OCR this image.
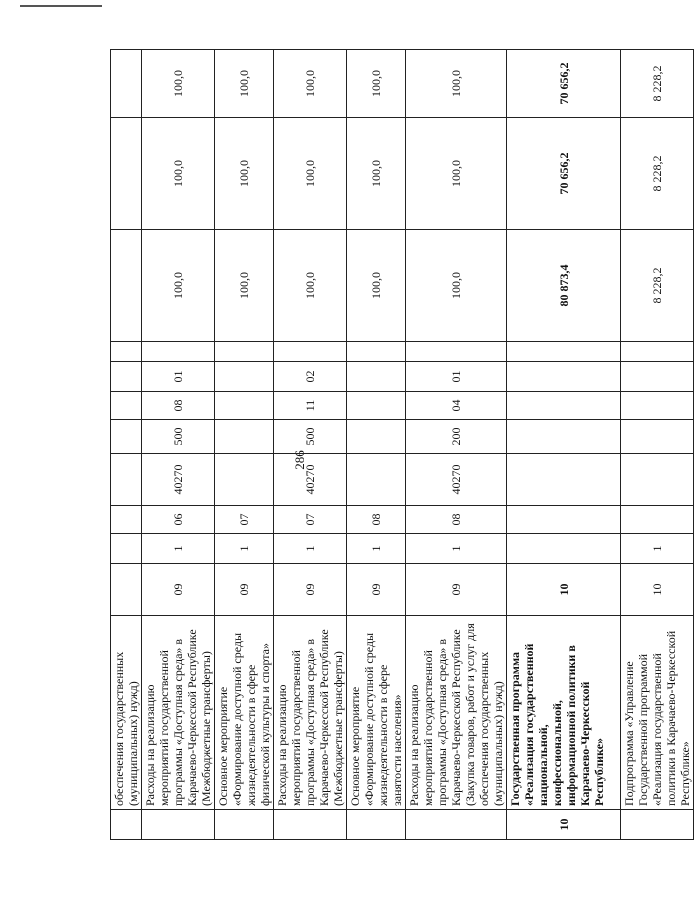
286
	обеспечения государственных (муниципальных) нужд)											
	Расходы на реализацию мероприятий государственной программы «Доступная среда» в Карачаево-Черкесской Республике (Межбюджетные трансферты)	09	1	06	40270	500	08	01		100,0	100,0	100,0
	Основное мероприятие «Формирование доступной среды жизнедеятельности в сфере физической культуры и спорта»	09	1	07						100,0	100,0	100,0
	Расходы на реализацию мероприятий государственной программы «Доступная среда» в Карачаево-Черкесской Республике (Межбюджетные трансферты)	09	1	07	40270	500	11	02		100,0	100,0	100,0
	Основное мероприятие «Формирование доступной среды жизнедеятельности в сфере занятости населения»	09	1	08						100,0	100,0	100,0
	Расходы на реализацию мероприятий государственной программы «Доступная среда» в Карачаево-Черкесской Республике (Закупка товаров, работ и услуг для обеспечения государственных (муниципальных) нужд)	09	1	08	40270	200	04	01		100,0	100,0	100,0
10	Государственная программа «Реализация государственной национальной, конфессиональной, информационной политики в Карачаево-Черкесской Республике»	10								80 873,4	70 656,2	70 656,2
	Подпрограмма «Управление Государственной программой «Реализация государственной политики в Карачаево-Черкесской Республике»	10	1							8 228,2	8 228,2	8 228,2
